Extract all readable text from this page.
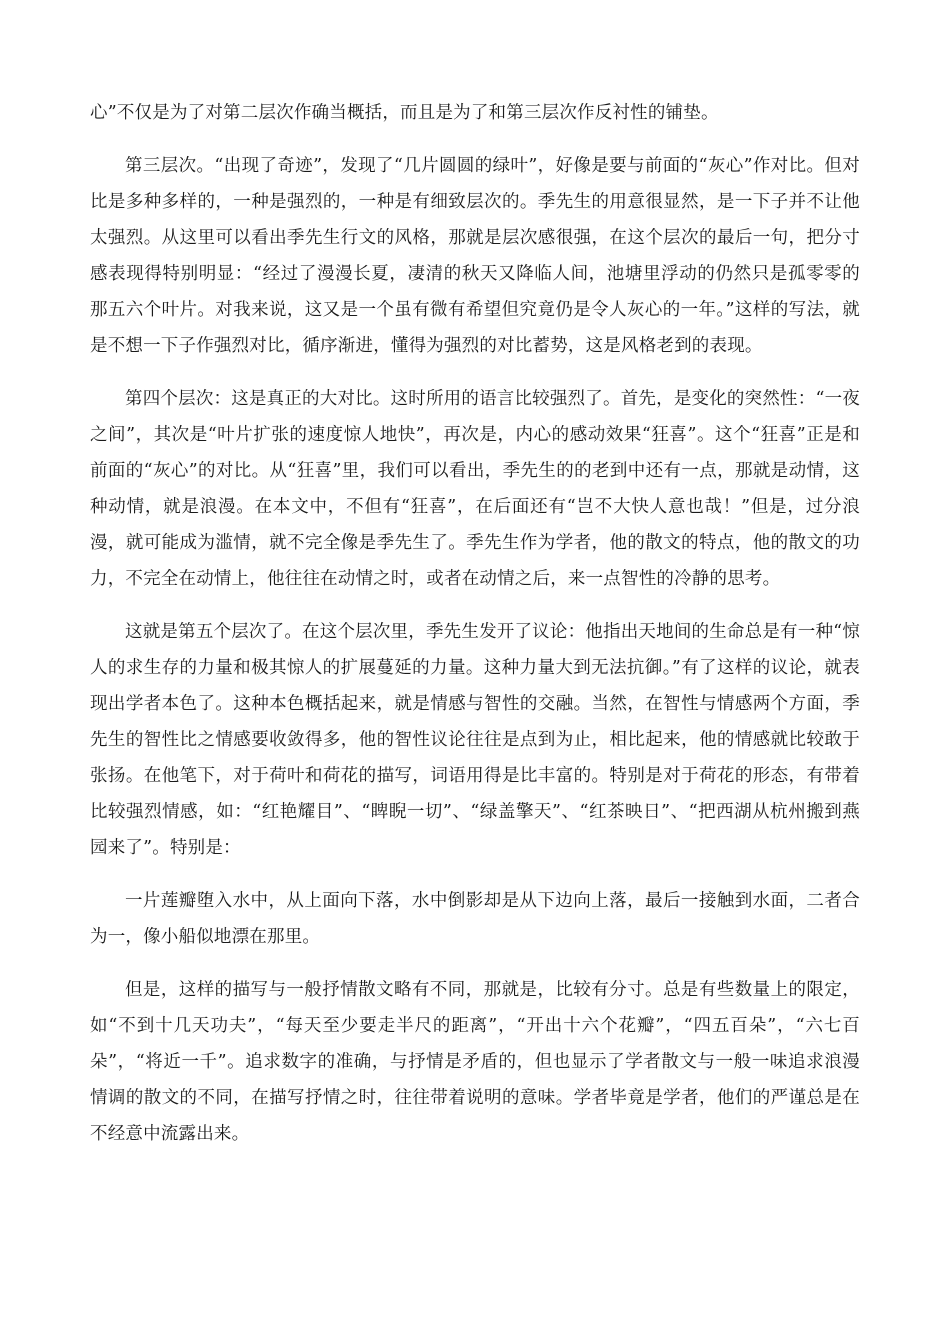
心”不仅是为了对第二层次作确当概括，而且是为了和第三层次作反衬性的铺垫。

第三层次。“出现了奇迹”，发现了“几片圆圆的绿叶”，好像是要与前面的“灰心”作对比。但对比是多种多样的，一种是强烈的，一种是有细致层次的。季先生的用意很显然，是一下子并不让他太强烈。从这里可以看出季先生行文的风格，那就是层次感很强，在这个层次的最后一句，把分寸感表现得特别明显：“经过了漫漫长夏，凄清的秋天又降临人间，池塘里浮动的仍然只是孤零零的那五六个叶片。对我来说，这又是一个虽有微有希望但究竟仍是令人灰心的一年。”这样的写法，就是不想一下子作强烈对比，循序渐进，懂得为强烈的对比蓄势，这是风格老到的表现。

第四个层次：这是真正的大对比。这时所用的语言比较强烈了。首先，是变化的突然性：“一夜之间”，其次是“叶片扩张的速度惊人地快”，再次是，内心的感动效果“狂喜”。这个“狂喜”正是和前面的“灰心”的对比。从“狂喜”里，我们可以看出，季先生的的老到中还有一点，那就是动情，这种动情，就是浪漫。在本文中，不但有“狂喜”，在后面还有“岂不大快人意也哉！”但是，过分浪漫，就可能成为滥情，就不完全像是季先生了。季先生作为学者，他的散文的特点，他的散文的功力，不完全在动情上，他往往在动情之时，或者在动情之后，来一点智性的冷静的思考。

这就是第五个层次了。在这个层次里，季先生发开了议论：他指出天地间的生命总是有一种“惊人的求生存的力量和极其惊人的扩展蔓延的力量。这种力量大到无法抗御。”有了这样的议论，就表现出学者本色了。这种本色概括起来，就是情感与智性的交融。当然，在智性与情感两个方面，季先生的智性比之情感要收敛得多，他的智性议论往往是点到为止，相比起来，他的情感就比较敢于张扬。在他笔下，对于荷叶和荷花的描写，词语用得是比丰富的。特别是对于荷花的形态，有带着比较强烈情感，如：“红艳耀目”、“睥睨一切”、“绿盖擎天”、“红茶映日”、“把西湖从杭州搬到燕园来了”。特别是：

一片莲瓣堕入水中，从上面向下落，水中倒影却是从下边向上落，最后一接触到水面，二者合为一，像小船似地漂在那里。

但是，这样的描写与一般抒情散文略有不同，那就是，比较有分寸。总是有些数量上的限定，如“不到十几天功夫”，“每天至少要走半尺的距离”，“开出十六个花瓣”，“四五百朵”，“六七百朵”，“将近一千”。追求数字的准确，与抒情是矛盾的，但也显示了学者散文与一般一味追求浪漫情调的散文的不同，在描写抒情之时，往往带着说明的意味。学者毕竟是学者，他们的严谨总是在不经意中流露出来。
